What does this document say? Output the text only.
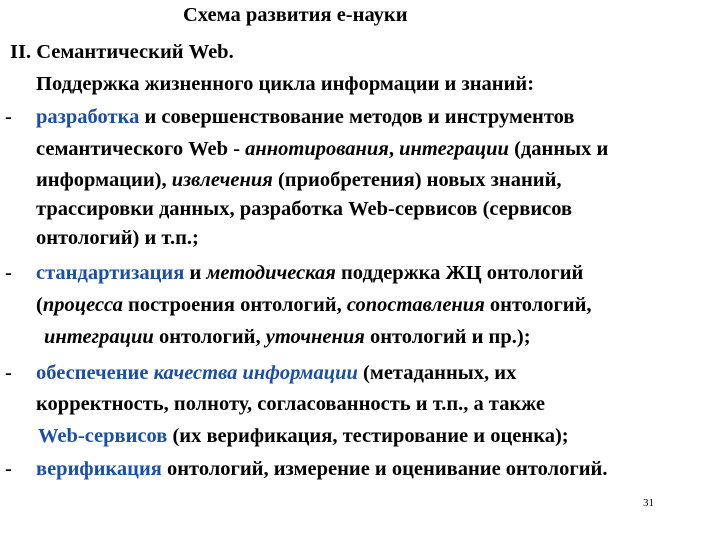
Схема развития е-науки
II. Семантический Web.
Поддержка жизненного цикла информации и знаний:
- разработка и совершенствование методов и инструментов
семантического Web - аннотирования, интеграции (данных и
информации), извлечения (приобретения) новых знаний,
трассировки данных, разработка Web-сервисов (сервисов
онтологий) и т.п.;
- стандартизация и методическая поддержка ЖЦ онтологий
(процесса построения онтологий, сопоставления онтологий,
интеграции онтологий, уточнения онтологий и пр.);
- обеспечение качества информации (метаданных, их
корректность, полноту, согласованность и т.п., а также
Web-сервисов (их верификация, тестирование и оценка);
- верификация онтологий, измерение и оценивание онтологий.
31
